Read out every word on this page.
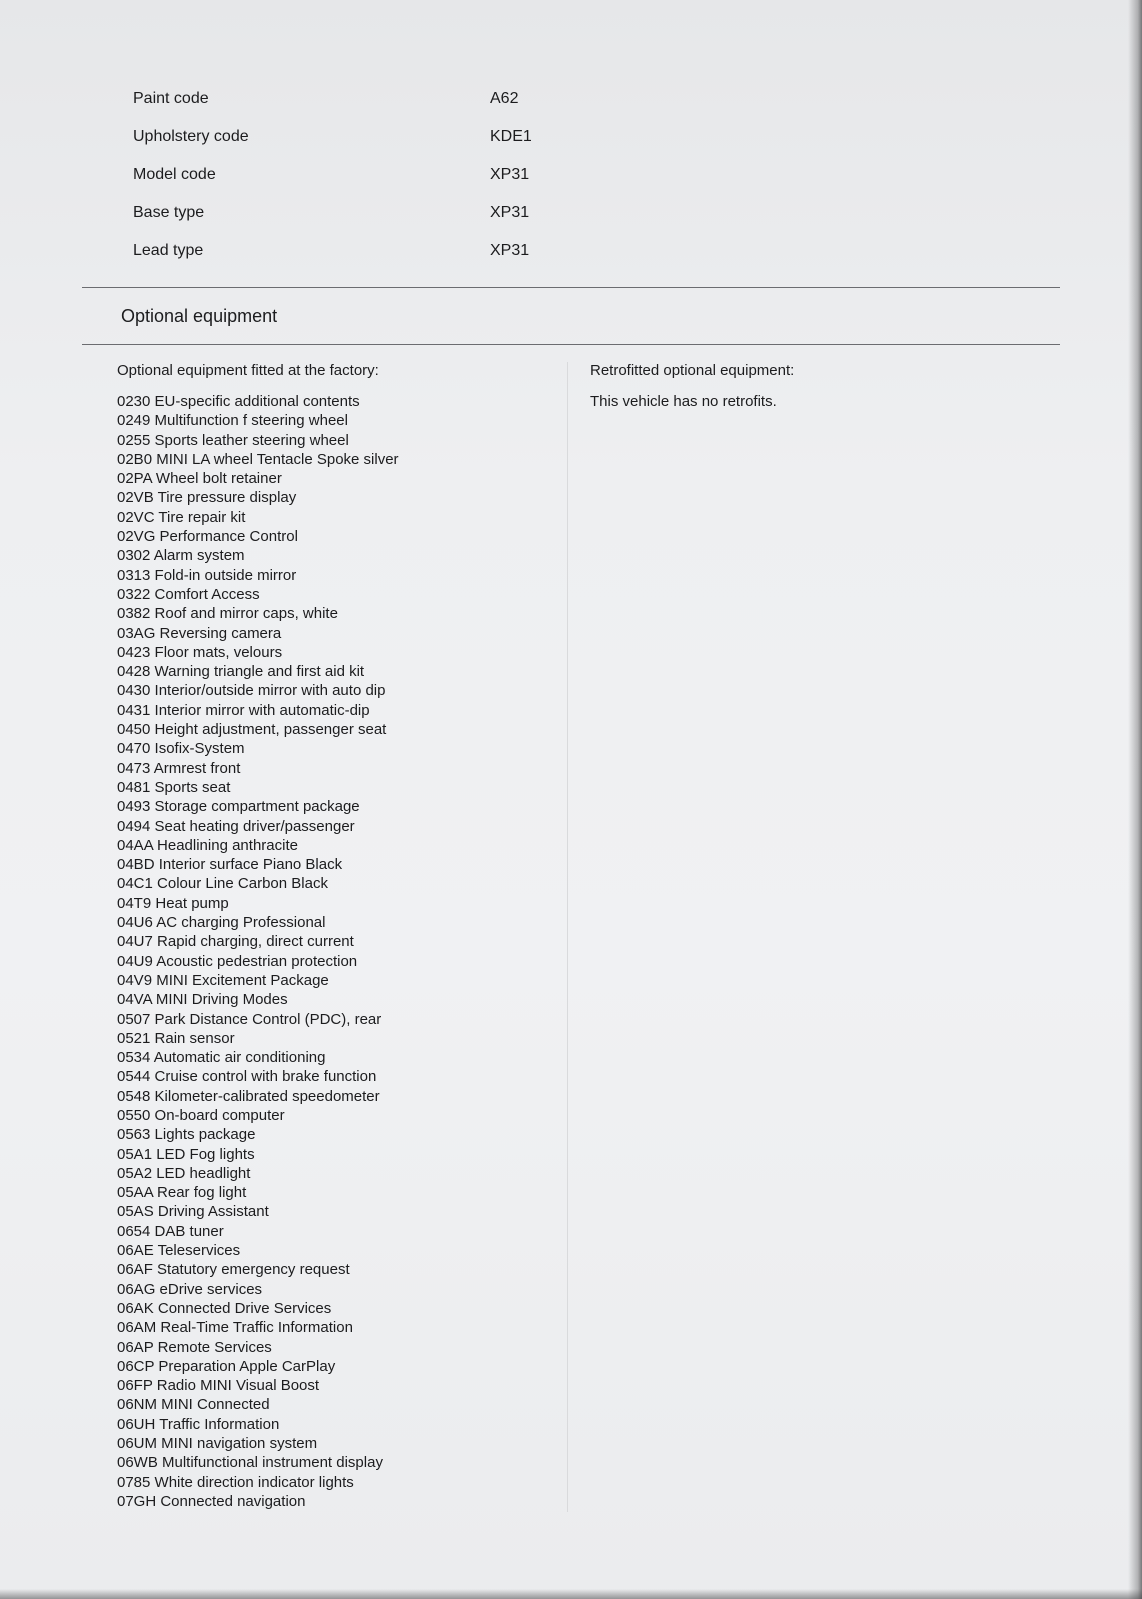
Paint code	A62
Upholstery code	KDE1
Model code	XP31
Base type	XP31
Lead type	XP31
Optional equipment
Optional equipment fitted at the factory:
0230 EU-specific additional contents
0249 Multifunction f steering wheel
0255 Sports leather steering wheel
02B0 MINI LA wheel Tentacle Spoke silver
02PA Wheel bolt retainer
02VB Tire pressure display
02VC Tire repair kit
02VG Performance Control
0302 Alarm system
0313 Fold-in outside mirror
0322 Comfort Access
0382 Roof and mirror caps, white
03AG Reversing camera
0423 Floor mats, velours
0428 Warning triangle and first aid kit
0430 Interior/outside mirror with auto dip
0431 Interior mirror with automatic-dip
0450 Height adjustment, passenger seat
0470 Isofix-System
0473 Armrest front
0481 Sports seat
0493 Storage compartment package
0494 Seat heating driver/passenger
04AA Headlining anthracite
04BD Interior surface Piano Black
04C1 Colour Line Carbon Black
04T9 Heat pump
04U6 AC charging Professional
04U7 Rapid charging, direct current
04U9 Acoustic pedestrian protection
04V9 MINI Excitement Package
04VA MINI Driving Modes
0507 Park Distance Control (PDC), rear
0521 Rain sensor
0534 Automatic air conditioning
0544 Cruise control with brake function
0548 Kilometer-calibrated speedometer
0550 On-board computer
0563 Lights package
05A1 LED Fog lights
05A2 LED headlight
05AA Rear fog light
05AS Driving Assistant
0654 DAB tuner
06AE Teleservices
06AF Statutory emergency request
06AG eDrive services
06AK Connected Drive Services
06AM Real-Time Traffic Information
06AP Remote Services
06CP Preparation Apple CarPlay
06FP Radio MINI Visual Boost
06NM MINI Connected
06UH Traffic Information
06UM MINI navigation system
06WB Multifunctional instrument display
0785 White direction indicator lights
07GH Connected navigation
Retrofitted optional equipment:
This vehicle has no retrofits.
